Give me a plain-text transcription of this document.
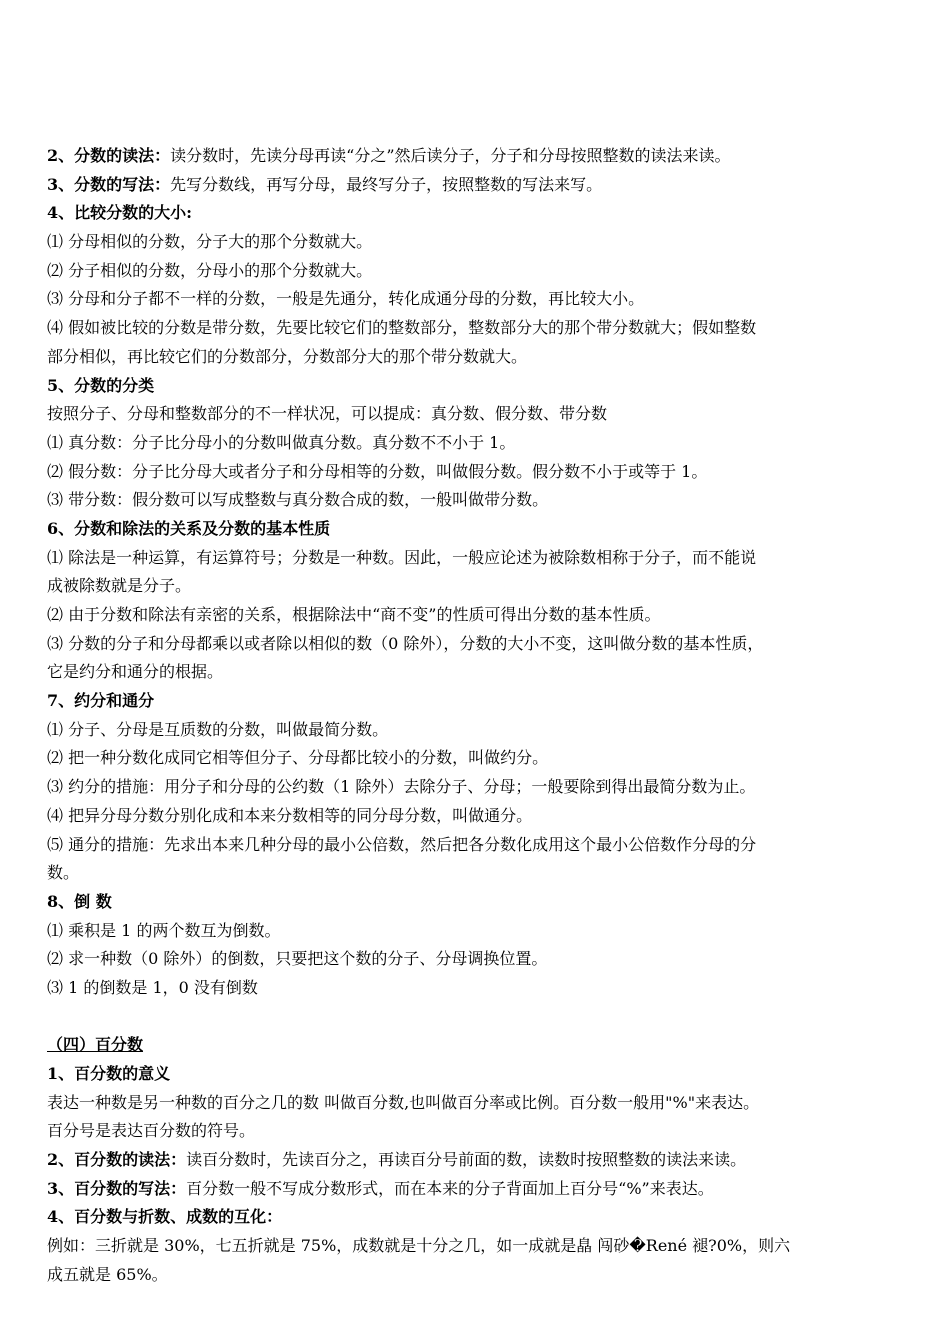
2、分数的读法：读分数时，先读分母再读“分之”然后读分子，分子和分母按照整数的读法来读。
3、分数的写法：先写分数线，再写分母，最终写分子，按照整数的写法来写。
4、比较分数的大小:
⑴ 分母相似的分数，分子大的那个分数就大。
⑵ 分子相似的分数，分母小的那个分数就大。
⑶ 分母和分子都不一样的分数，一般是先通分，转化成通分母的分数，再比较大小。
⑷ 假如被比较的分数是带分数，先要比较它们的整数部分，整数部分大的那个带分数就大；假如整数
部分相似，再比较它们的分数部分，分数部分大的那个带分数就大。
5、分数的分类
按照分子、分母和整数部分的不一样状况，可以提成：真分数、假分数、带分数
⑴ 真分数：分子比分母小的分数叫做真分数。真分数不不小于 1。
⑵ 假分数：分子比分母大或者分子和分母相等的分数，叫做假分数。假分数不小于或等于 1。
⑶ 带分数：假分数可以写成整数与真分数合成的数，一般叫做带分数。
6、分数和除法的关系及分数的基本性质
⑴ 除法是一种运算，有运算符号；分数是一种数。因此，一般应论述为被除数相称于分子，而不能说
成被除数就是分子。
⑵ 由于分数和除法有亲密的关系，根据除法中“商不变”的性质可得出分数的基本性质。
⑶ 分数的分子和分母都乘以或者除以相似的数（0 除外），分数的大小不变，这叫做分数的基本性质，
它是约分和通分的根据。
7、约分和通分
⑴ 分子、分母是互质数的分数，叫做最简分数。
⑵ 把一种分数化成同它相等但分子、分母都比较小的分数，叫做约分。
⑶ 约分的措施：用分子和分母的公约数（1 除外）去除分子、分母；一般要除到得出最简分数为止。
⑷ 把异分母分数分别化成和本来分数相等的同分母分数，叫做通分。
⑸ 通分的措施：先求出本来几种分母的最小公倍数，然后把各分数化成用这个最小公倍数作分母的分
数。
8、倒 数
⑴ 乘积是 1 的两个数互为倒数。
⑵ 求一种数（0 除外）的倒数，只要把这个数的分子、分母调换位置。
⑶ 1 的倒数是 1，0 没有倒数
（四）百分数
1、百分数的意义
表达一种数是另一种数的百分之几的数 叫做百分数,也叫做百分率或比例。百分数一般用"%"来表达。
百分号是表达百分数的符号。
2、百分数的读法：读百分数时，先读百分之，再读百分号前面的数，读数时按照整数的读法来读。
3、百分数的写法：百分数一般不写成分数形式，而在本来的分子背面加上百分号“%”来表达。
4、百分数与折数、成数的互化：
例如：三折就是 30%，七五折就是 75%，成数就是十分之几，如一成就是皛 闯砂�René 褪?0%，则六
成五就是 65%。
